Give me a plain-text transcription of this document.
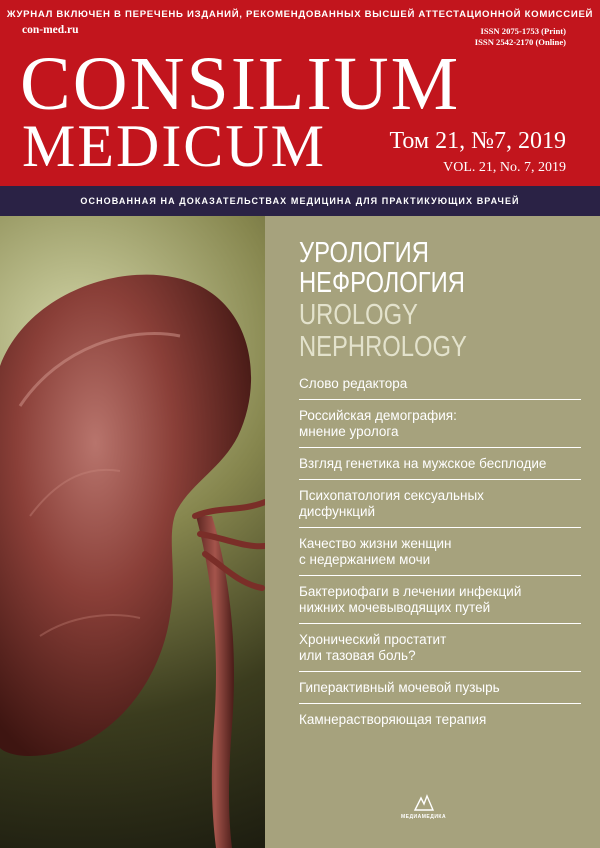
ЖУРНАЛ ВКЛЮЧЕН В ПЕРЕЧЕНЬ ИЗДАНИЙ, РЕКОМЕНДОВАННЫХ ВЫСШЕЙ АТТЕСТАЦИОННОЙ КОМИССИЕЙ
con-med.ru	ISSN 2075-1753 (Print)
ISSN 2542-2170 (Online)
CONSILIUM
MEDICUM	Том 21, №7, 2019
VOL. 21, No. 7, 2019
ОСНОВАННАЯ НА ДОКАЗАТЕЛЬСТВАХ МЕДИЦИНА ДЛЯ ПРАКТИКУЮЩИХ ВРАЧЕЙ
УРОЛОГИЯ
НЕФРОЛОГИЯ
UROLOGY
NEPHROLOGY
Слово редактора
Российская демография:
мнение уролога
Взгляд генетика на мужское бесплодие
Психопатология сексуальных
дисфункций
Качество жизни женщин
с недержанием мочи
Бактериофаги в лечении инфекций
нижних мочевыводящих путей
Хронический простатит
или тазовая боль?
Гиперактивный мочевой пузырь
Камнерастворяющая терапия
МЕДИАМЕДИКА
